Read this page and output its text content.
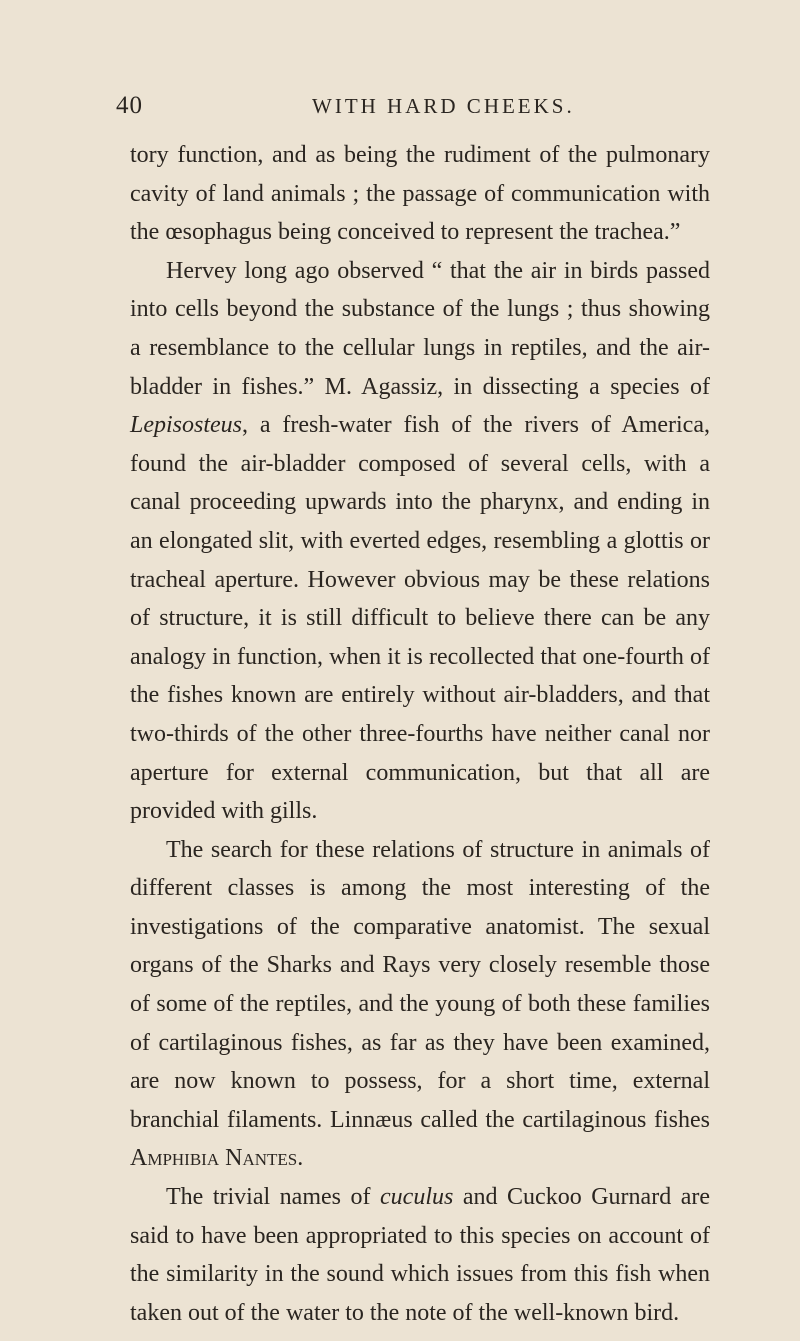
40	WITH HARD CHEEKS.

tory function, and as being the rudiment of the pulmonary cavity of land animals ; the passage of communication with the œsophagus being conceived to represent the trachea.”

Hervey long ago observed “ that the air in birds passed into cells beyond the substance of the lungs ; thus showing a resemblance to the cellular lungs in reptiles, and the air-bladder in fishes.” M. Agassiz, in dissecting a species of Lepisosteus, a fresh-water fish of the rivers of America, found the air-bladder composed of several cells, with a canal proceeding upwards into the pharynx, and ending in an elongated slit, with everted edges, resembling a glottis or tracheal aperture. However obvious may be these relations of structure, it is still difficult to believe there can be any analogy in function, when it is recollected that one-fourth of the fishes known are entirely without air-bladders, and that two-thirds of the other three-fourths have neither canal nor aperture for external communication, but that all are provided with gills.

The search for these relations of structure in animals of different classes is among the most interesting of the investigations of the comparative anatomist. The sexual organs of the Sharks and Rays very closely resemble those of some of the reptiles, and the young of both these families of cartilaginous fishes, as far as they have been examined, are now known to possess, for a short time, external branchial filaments. Linnæus called the cartilaginous fishes Amphibia Nantes.

The trivial names of cuculus and Cuckoo Gurnard are said to have been appropriated to this species on account of the similarity in the sound which issues from this fish when taken out of the water to the note of the well-known bird.
